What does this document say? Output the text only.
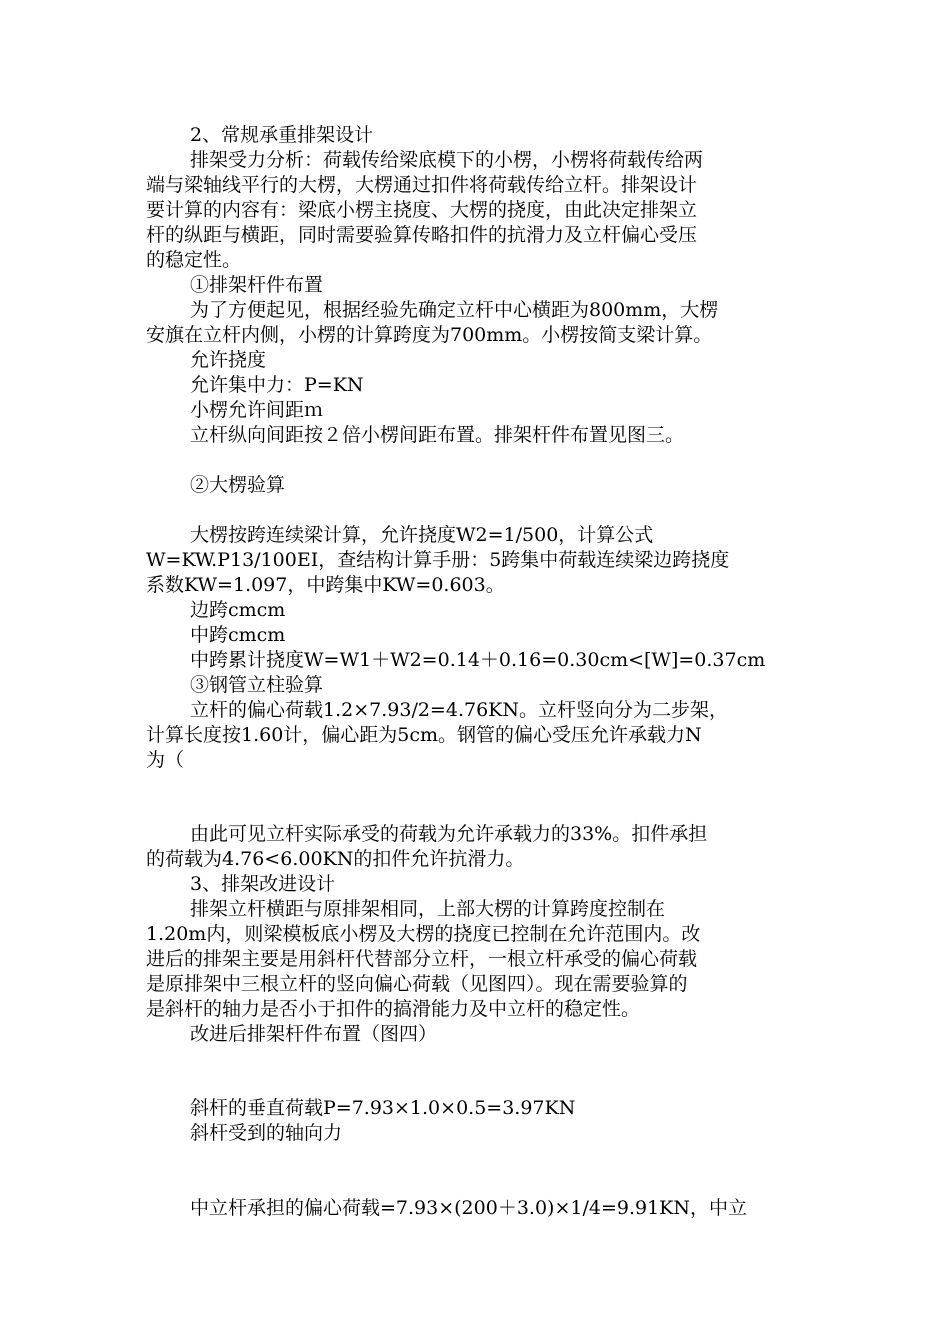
2、常规承重排架设计
排架受力分析：荷载传给梁底模下的小楞，小楞将荷载传给两
端与梁轴线平行的大楞，大楞通过扣件将荷载传给立杆。排架设计
要计算的内容有：梁底小楞主挠度、大楞的挠度，由此决定排架立
杆的纵距与横距，同时需要验算传略扣件的抗滑力及立杆偏心受压
的稳定性。
①排架杆件布置
为了方便起见，根据经验先确定立杆中心横距为800mm，大楞
安旗在立杆内侧，小楞的计算跨度为700mm。小楞按简支梁计算。
允许挠度
允许集中力：P=KN
小楞允许间距ｍ
立杆纵向间距按２倍小楞间距布置。排架杆件布置见图三。
②大楞验算
大楞按跨连续梁计算，允许挠度W2=1/500，计算公式
W=KW.P13/100EI，查结构计算手册：5跨集中荷载连续梁边跨挠度
系数KW=1.097，中跨集中KW=0.603。
边跨cmcm
中跨cmcm
中跨累计挠度W=W1＋W2=0.14＋0.16=0.30cm<[W]=0.37cm
③钢管立柱验算
立杆的偏心荷载1.2×7.93/2=4.76KN。立杆竖向分为二步架，
计算长度按1.60计，偏心距为5cm。钢管的偏心受压允许承载力N
为（
由此可见立杆实际承受的荷载为允许承载力的33%。扣件承担
的荷载为4.76<6.00KN的扣件允许抗滑力。
3、排架改进设计
排架立杆横距与原排架相同，上部大楞的计算跨度控制在
1.20m内，则梁模板底小楞及大楞的挠度已控制在允许范围内。改
进后的排架主要是用斜杆代替部分立杆，一根立杆承受的偏心荷载
是原排架中三根立杆的竖向偏心荷载（见图四）。现在需要验算的
是斜杆的轴力是否小于扣件的搞滑能力及中立杆的稳定性。
改进后排架杆件布置（图四）
斜杆的垂直荷载P=7.93×1.0×0.5=3.97KN
斜杆受到的轴向力
中立杆承担的偏心荷载=7.93×(200＋3.0)×1/4=9.91KN，中立
